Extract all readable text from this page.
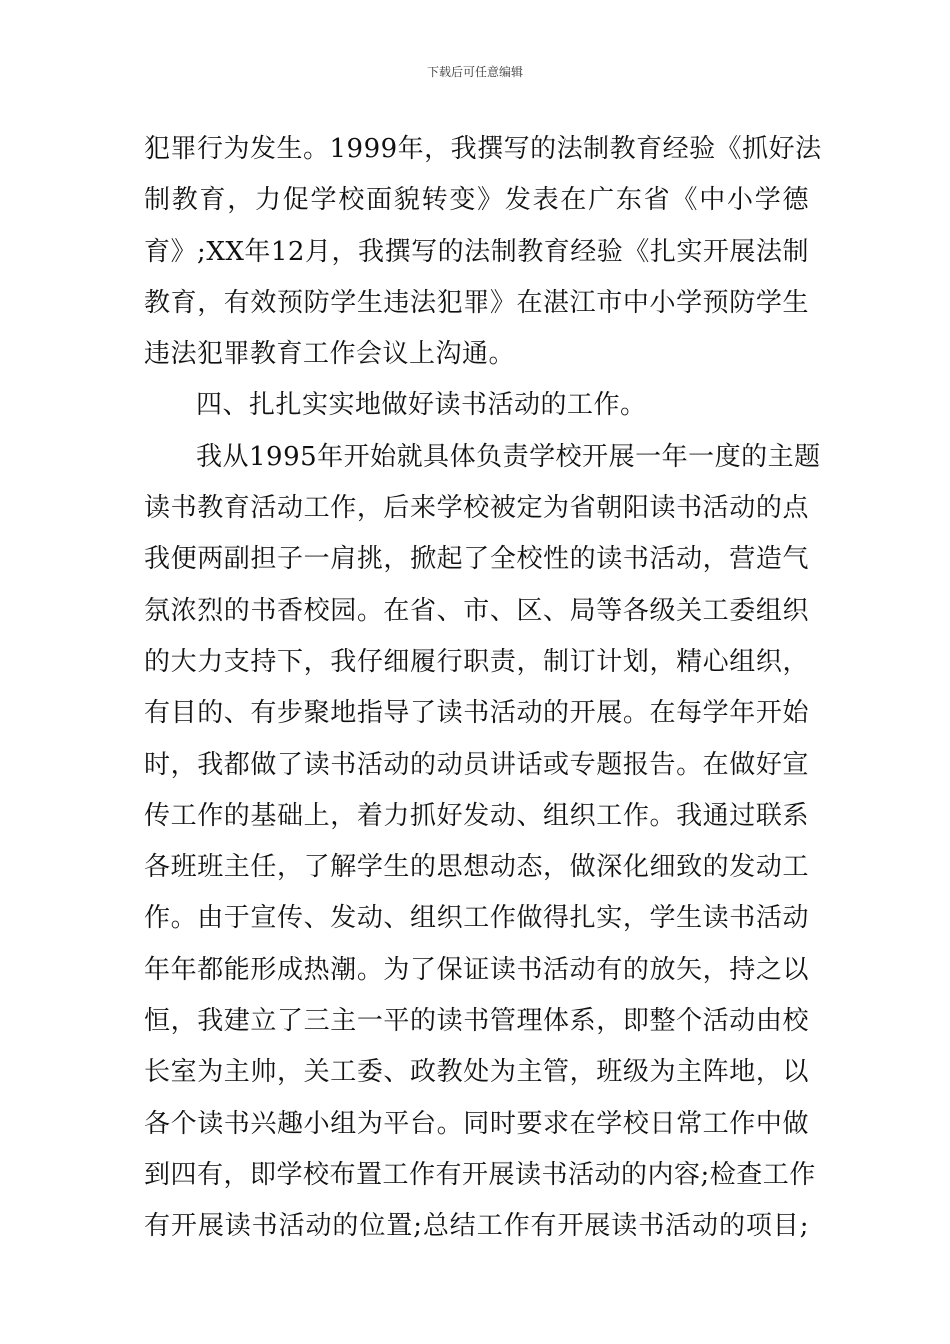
下载后可任意编辑
犯罪行为发生。1999年，我撰写的法制教育经验《抓好法
制教育，力促学校面貌转变》发表在广东省《中小学德
育》;XX年12月，我撰写的法制教育经验《扎实开展法制
教育，有效预防学生违法犯罪》在湛江市中小学预防学生
违法犯罪教育工作会议上沟通。
四、扎扎实实地做好读书活动的工作。
我从1995年开始就具体负责学校开展一年一度的主题
读书教育活动工作，后来学校被定为省朝阳读书活动的点
我便两副担子一肩挑，掀起了全校性的读书活动，营造气
氛浓烈的书香校园。在省、市、区、局等各级关工委组织
的大力支持下，我仔细履行职责，制订计划，精心组织，
有目的、有步聚地指导了读书活动的开展。在每学年开始
时，我都做了读书活动的动员讲话或专题报告。在做好宣
传工作的基础上，着力抓好发动、组织工作。我通过联系
各班班主任，了解学生的思想动态，做深化细致的发动工
作。由于宣传、发动、组织工作做得扎实，学生读书活动
年年都能形成热潮。为了保证读书活动有的放矢，持之以
恒，我建立了三主一平的读书管理体系，即整个活动由校
长室为主帅，关工委、政教处为主管，班级为主阵地，以
各个读书兴趣小组为平台。同时要求在学校日常工作中做
到四有，即学校布置工作有开展读书活动的内容;检查工作
有开展读书活动的位置;总结工作有开展读书活动的项目;
